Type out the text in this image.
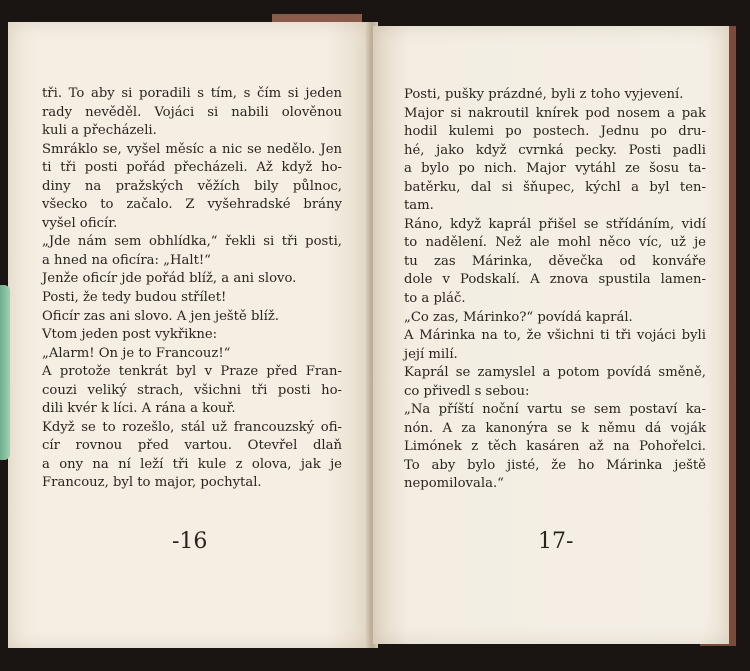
tři. To aby si poradili s tím, s čím si jeden

rady nevěděl. Vojáci si nabili olověnou

kuli a přecházeli.

Smráklo se, vyšel měsíc a nic se nedělo. Jen

ti tři posti pořád přecházeli. Až když ho-

diny na pražských věžích bily půlnoc,

všecko to začalo. Z vyšehradské brány

vyšel oficír.

„Jde nám sem obhlídka,“ řekli si tři posti,

a hned na oficíra: „Halt!“

Jenže oficír jde pořád blíž, a ani slovo.

Posti, že tedy budou střílet!

Oficír zas ani slovo. A jen ještě blíž.

Vtom jeden post vykřikne:

„Alarm! On je to Francouz!“

A protože tenkrát byl v Praze před Fran-

couzi veliký strach, všichni tři posti ho-

dili kvér k líci. A rána a kouř.

Když se to rozešlo, stál už francouzský ofi-

cír rovnou před vartou. Otevřel dlaň

a ony na ní leží tři kule z olova, jak je

Francouz, byl to major, pochytal.

-16

Posti, pušky prázdné, byli z toho vyjevení.

Major si nakroutil knírek pod nosem a pak

hodil kulemi po postech. Jednu po dru-

hé, jako když cvrnká pecky. Posti padli

a bylo po nich. Major vytáhl ze šosu ta-

batěrku, dal si šňupec, kýchl a byl ten-

tam.

Ráno, když kaprál přišel se střídáním, vidí

to nadělení. Než ale mohl něco víc, už je

tu zas Márinka, děvečka od konváře

dole v Podskalí. A znova spustila lamen-

to a pláč.

„Co zas, Márinko?“ povídá kaprál.

A Márinka na to, že všichni ti tři vojáci byli

její milí.

Kaprál se zamyslel a potom povídá směně,

co přivedl s sebou:

„Na příští noční vartu se sem postaví ka-

nón. A za kanonýra se k němu dá voják

Limónek z těch kasáren až na Pohořelci.

To aby bylo jisté, že ho Márinka ještě

nepomilovala.“

17-
